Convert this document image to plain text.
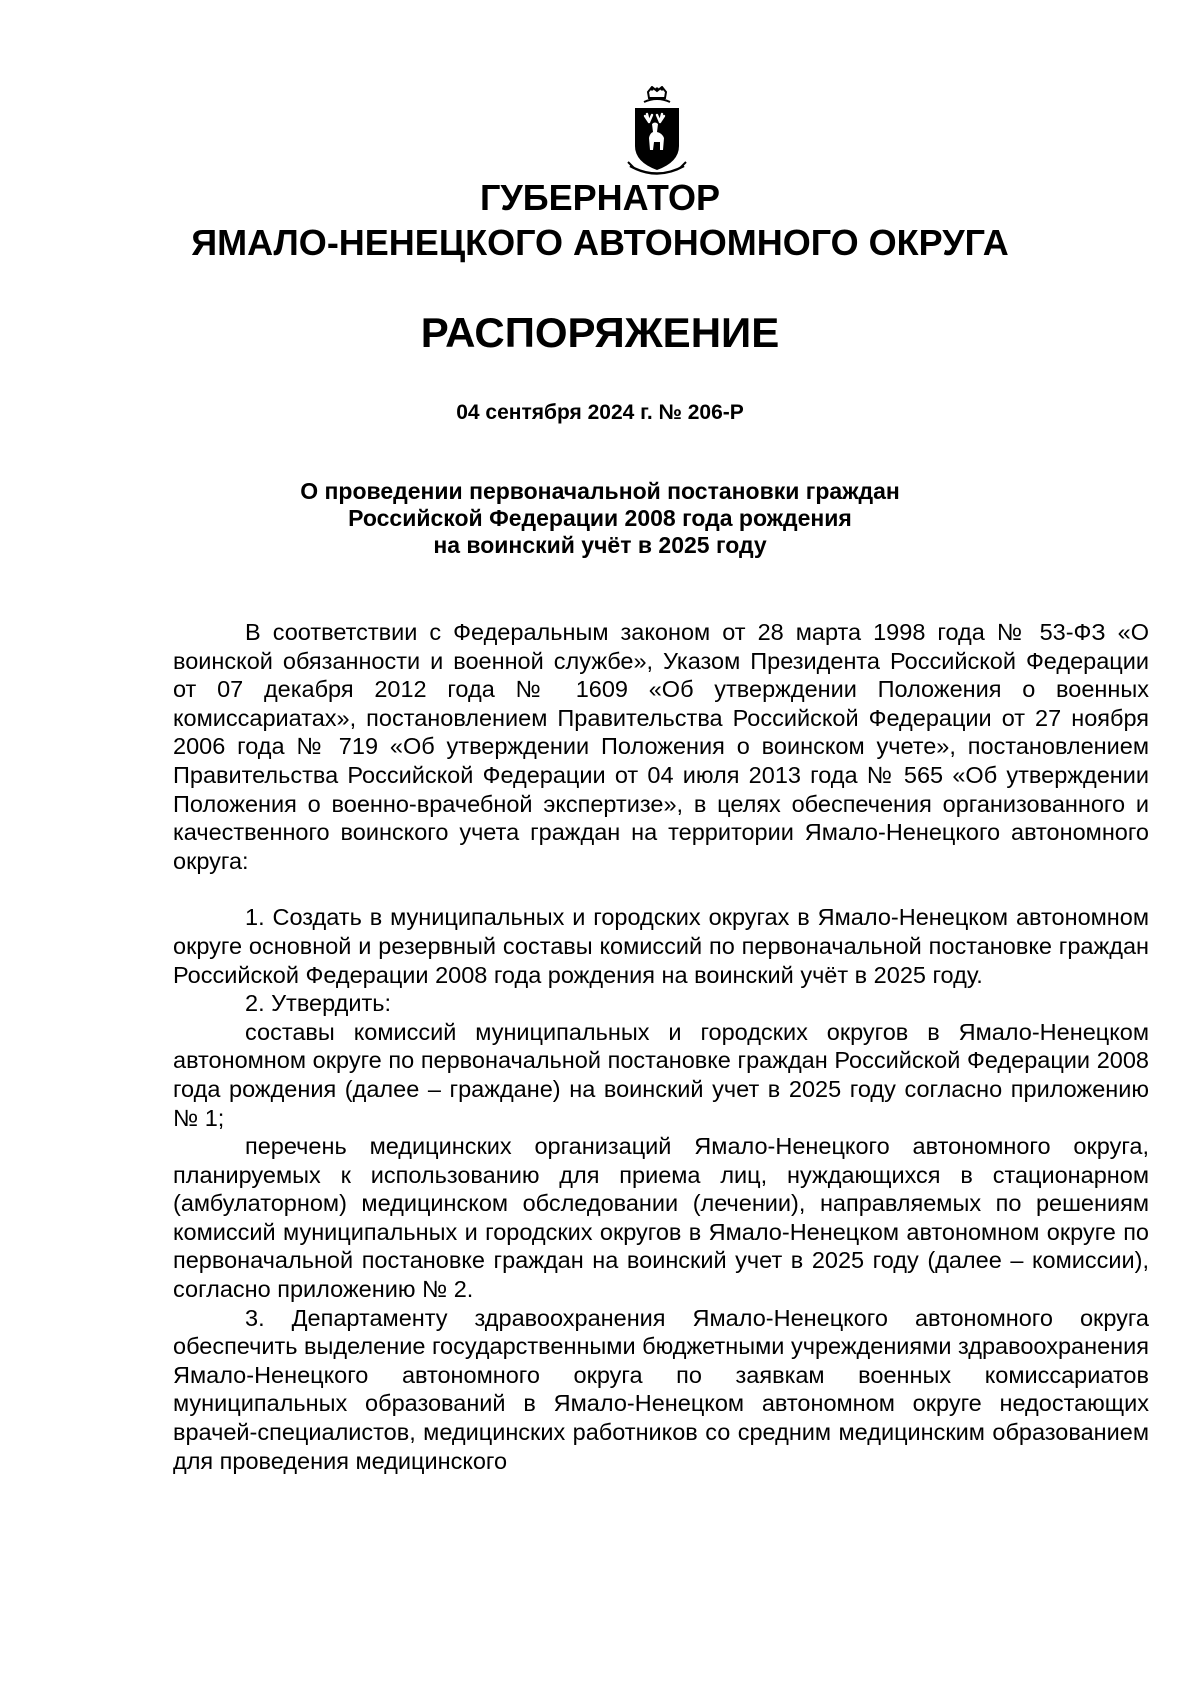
ГУБЕРНАТОР
ЯМАЛО-НЕНЕЦКОГО АВТОНОМНОГО ОКРУГА
РАСПОРЯЖЕНИЕ
04 сентября 2024 г. № 206-Р
О проведении первоначальной постановки граждан
Российской Федерации 2008 года рождения
на воинский учёт в 2025 году

В соответствии с Федеральным законом от 28 марта 1998 года № 53-ФЗ «О воинской обязанности и военной службе», Указом Президента Российской Федерации от 07 декабря 2012 года № 1609 «Об утверждении Положения о военных комиссариатах», постановлением Правительства Российской Федерации от 27 ноября 2006 года № 719 «Об утверждении Положения о воинском учете», постановлением Правительства Российской Федерации от 04 июля 2013 года № 565 «Об утверждении Положения о военно-врачебной экспертизе», в целях обеспечения организованного и качественного воинского учета граждан на территории Ямало-Ненецкого автономного округа:

1. Создать в муниципальных и городских округах в Ямало-Ненецком автономном округе основной и резервный составы комиссий по первоначальной постановке граждан Российской Федерации 2008 года рождения на воинский учёт в 2025 году.

2. Утвердить:

составы комиссий муниципальных и городских округов в Ямало-Ненецком автономном округе по первоначальной постановке граждан Российской Федерации 2008 года рождения (далее – граждане) на воинский учет в 2025 году согласно приложению № 1;

перечень медицинских организаций Ямало-Ненецкого автономного округа, планируемых к использованию для приема лиц, нуждающихся в стационарном (амбулаторном) медицинском обследовании (лечении), направляемых по решениям комиссий муниципальных и городских округов в Ямало-Ненецком автономном округе по первоначальной постановке граждан на воинский учет в 2025 году (далее – комиссии), согласно приложению № 2.

3. Департаменту здравоохранения Ямало-Ненецкого автономного округа обеспечить выделение государственными бюджетными учреждениями здравоохранения Ямало-Ненецкого автономного округа по заявкам военных комиссариатов муниципальных образований в Ямало-Ненецком автономном округе недостающих врачей-специалистов, медицинских работников со средним медицинским образованием для проведения медицинского
